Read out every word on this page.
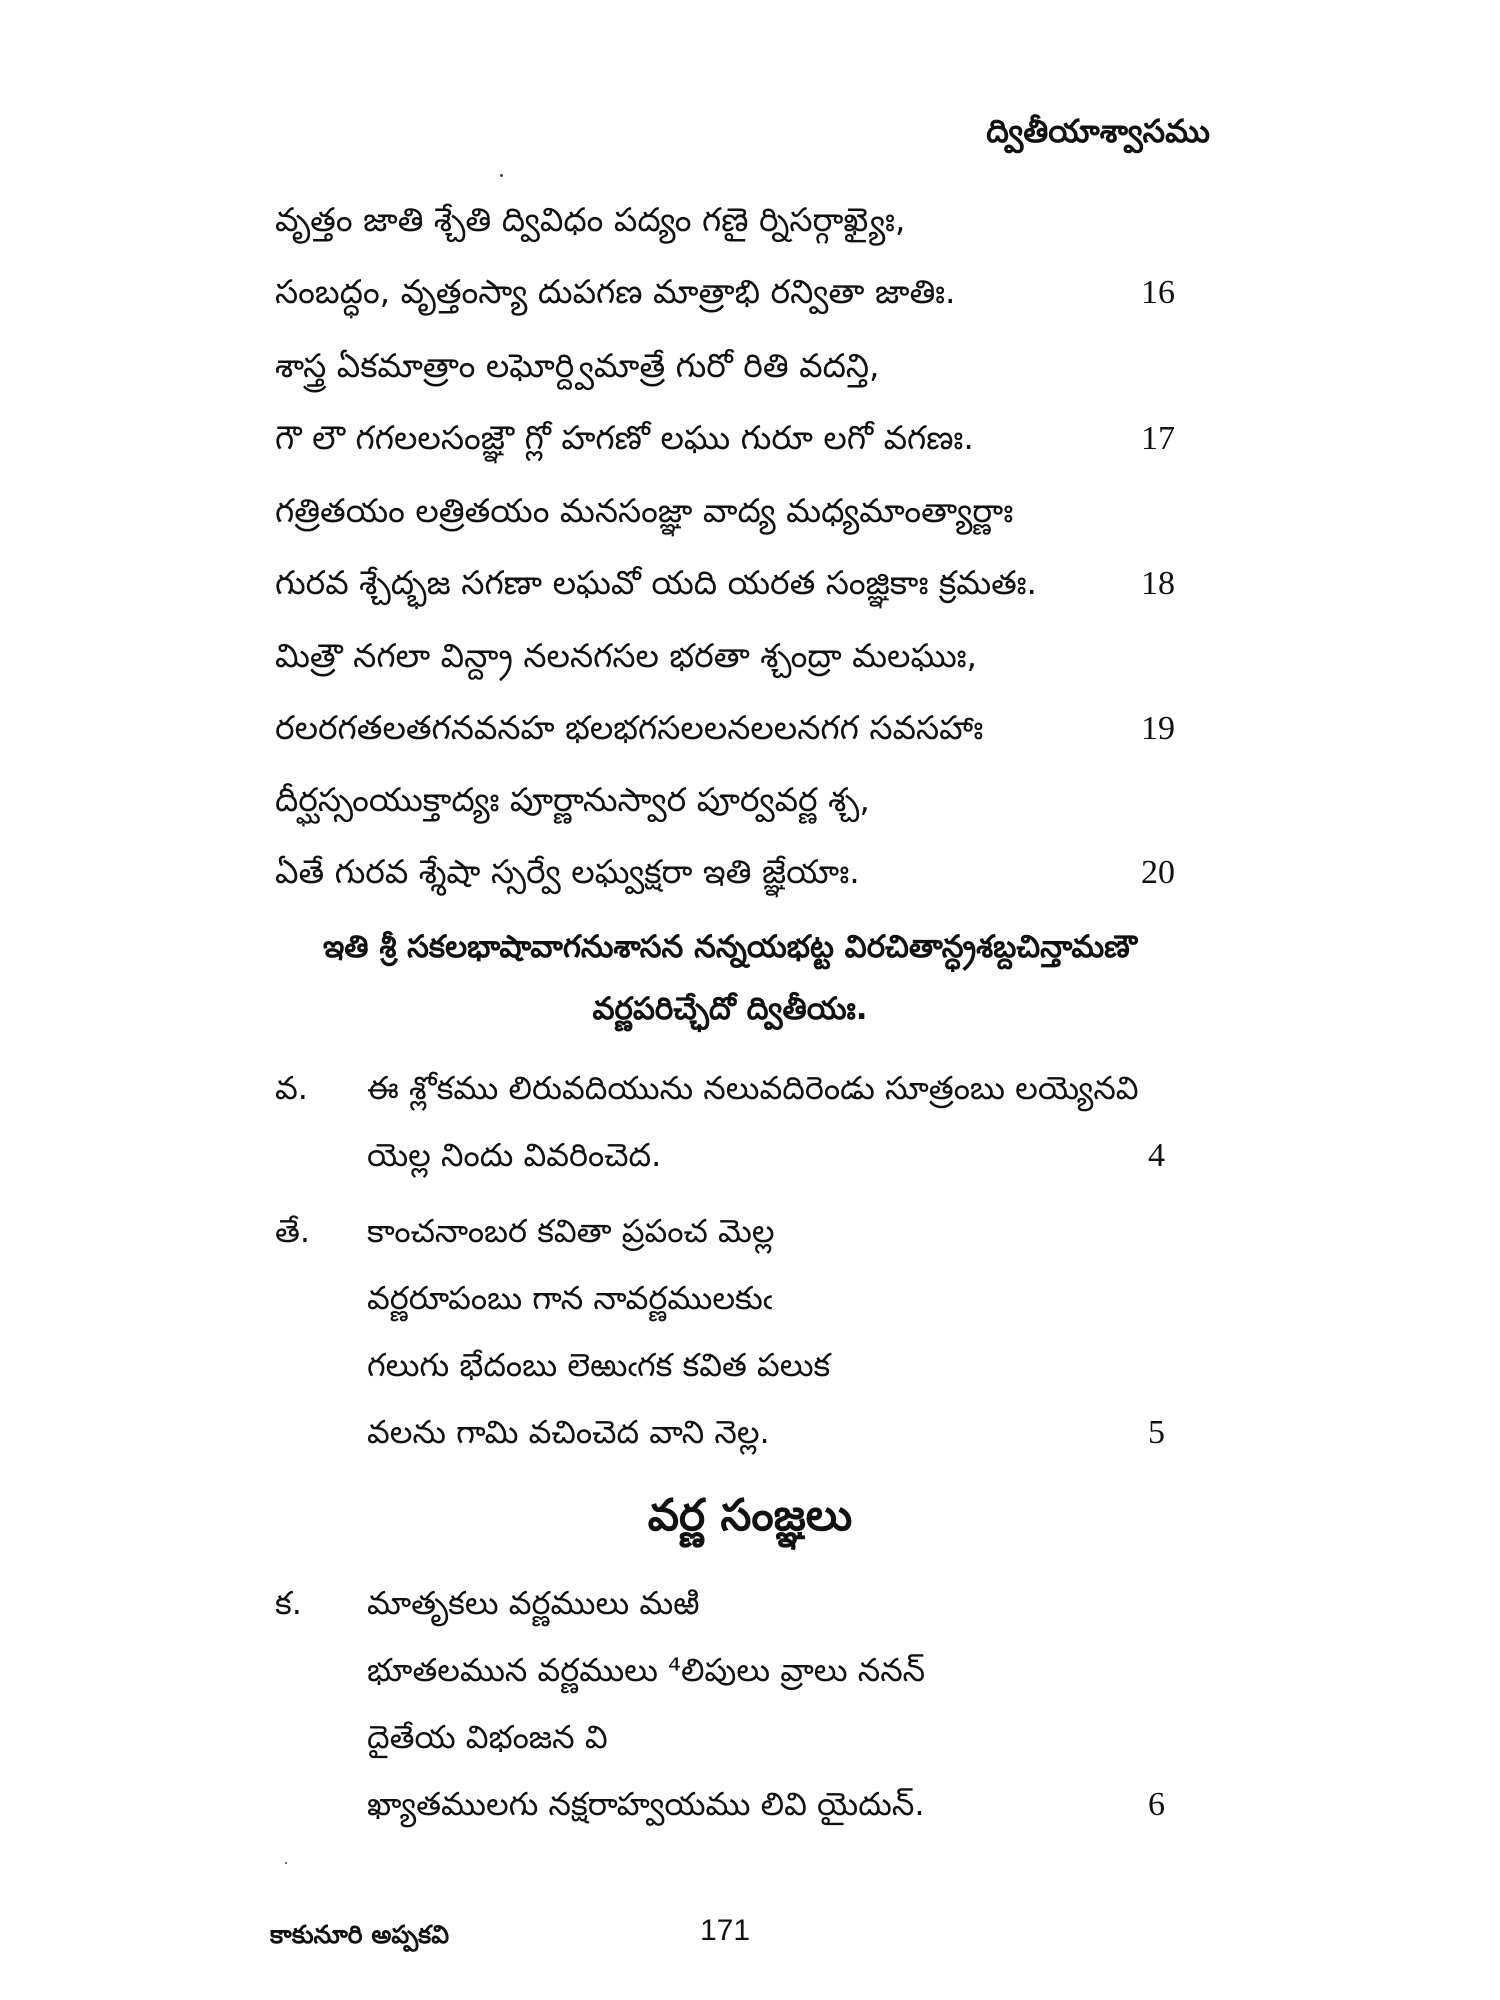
ద్వితీయాశ్వాసము
వృత్తం జాతి శ్చేతి ద్వివిధం పద్యం గణై ర్నిసర్గాఖ్యైః,
సంబద్ధం, వృత్తంస్యా దుపగణ మాత్రాభి రన్వితా జాతిః.	16
శాస్త్ర ఏకమాత్రాం లఘోర్ద్విమాత్రే గురో రితి వదన్తి,
గౌ లౌ గగలలసంజ్ఞౌ గ్లో హగణో లఘు గురూ లగో వగణః.	17
గత్రితయం లత్రితయం మనసంజ్ఞా వాద్య మధ్యమాంత్యార్ణాః
గురవ శ్చేద్భజ సగణా లఘవో యది యరత సంజ్ఞికాః క్రమతః.	18
మిత్రౌ నగలా విన్ద్రా నలనగసల భరతా శ్చంద్రా మలఘుః,
రలరగతలతగనవనహ భలభగసలలనలలనగగ సవసహాః	19
దీర్ఘస్సంయుక్తాద్యః పూర్ణానుస్వార పూర్వవర్ణ శ్చ,
ఏతే గురవ శ్శేషా స్సర్వే లఘ్వక్షరా ఇతి జ్ఞేయాః.	20
ఇతి శ్రీ సకలభాషావాగనుశాసన నన్నయభట్ట విరచితాన్ధ్రశబ్దచిన్తామణౌ
వర్ణపరిచ్ఛేదో ద్వితీయః.
వ.	ఈ శ్లోకము లిరువదియును నలువదిరెండు సూత్రంబు లయ్యెనవి
యెల్ల నిందు వివరించెద.	4
తే.	కాంచనాంబర కవితా ప్రపంచ మెల్ల
వర్ణరూపంబు గాన నావర్ణములకుఁ
గలుగు భేదంబు లెఱుఁగక కవిత పలుక
వలను గామి వచించెద వాని నెల్ల.	5
వర్ణ సంజ్ఞలు
క.	మాతృకలు వర్ణములు మఱి
భూతలమున వర్ణములు ⁴లిపులు వ్రాలు ననన్
దైతేయ విభంజన వి
ఖ్యాతములగు నక్షరాహ్వయము లివి యైదున్.	6
కాకునూరి అప్పకవి	171
